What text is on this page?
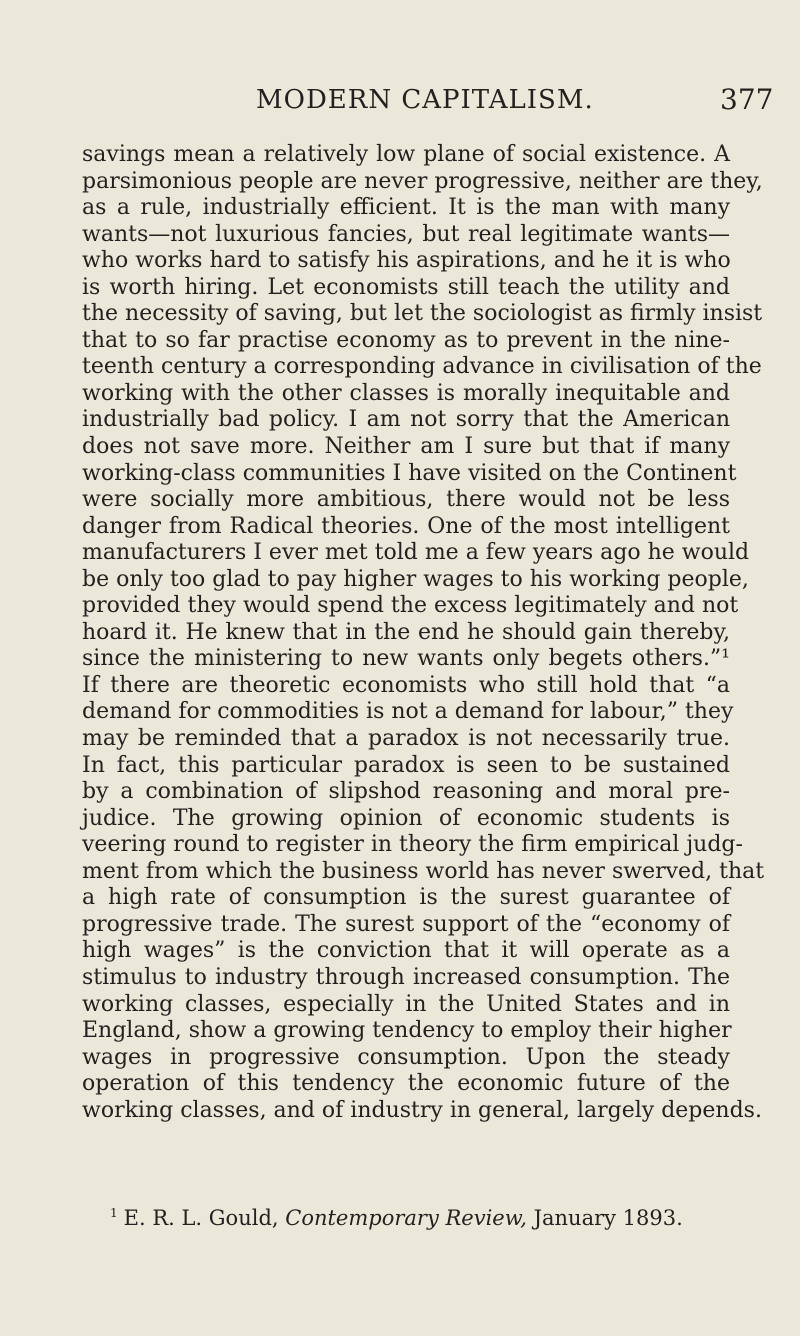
MODERN CAPITALISM.	377
savings mean a relatively low plane of social existence. A
parsimonious people are never progressive, neither are they,
as a rule, industrially efficient. It is the man with many
wants—not luxurious fancies, but real legitimate wants—
who works hard to satisfy his aspirations, and he it is who
is worth hiring. Let economists still teach the utility and
the necessity of saving, but let the sociologist as firmly insist
that to so far practise economy as to prevent in the nine-
teenth century a corresponding advance in civilisation of the
working with the other classes is morally inequitable and
industrially bad policy. I am not sorry that the American
does not save more. Neither am I sure but that if many
working-class communities I have visited on the Continent
were socially more ambitious, there would not be less
danger from Radical theories. One of the most intelligent
manufacturers I ever met told me a few years ago he would
be only too glad to pay higher wages to his working people,
provided they would spend the excess legitimately and not
hoard it. He knew that in the end he should gain thereby,
since the ministering to new wants only begets others.”¹
If there are theoretic economists who still hold that “a
demand for commodities is not a demand for labour,” they
may be reminded that a paradox is not necessarily true.
In fact, this particular paradox is seen to be sustained
by a combination of slipshod reasoning and moral pre-
judice. The growing opinion of economic students is
veering round to register in theory the firm empirical judg-
ment from which the business world has never swerved, that
a high rate of consumption is the surest guarantee of
progressive trade. The surest support of the “economy of
high wages” is the conviction that it will operate as a
stimulus to industry through increased consumption. The
working classes, especially in the United States and in
England, show a growing tendency to employ their higher
wages in progressive consumption. Upon the steady
operation of this tendency the economic future of the
working classes, and of industry in general, largely depends.
$^1$ E. R. L. Gould, Contemporary Review, January 1893.
